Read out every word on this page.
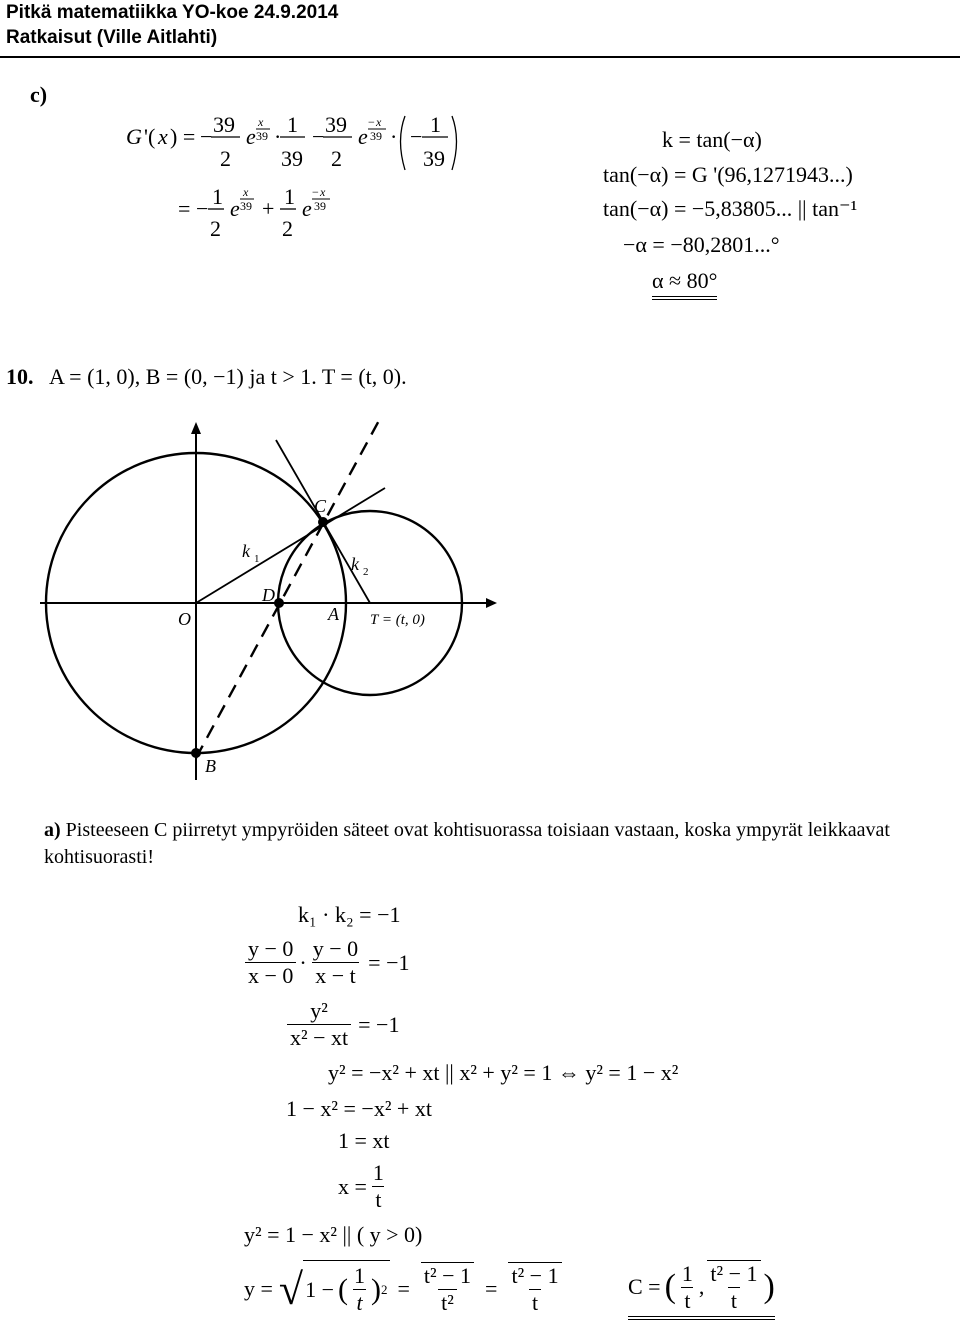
Pitkä matematiikka YO-koe 24.9.2014
Ratkaisut (Ville Aitlahti)
c)
G '( x ) = − 39
2
e
x
39 · 1
39
− 39
2
e
− x
39 · − 1
39
= − 1
2
e
x
39 + 1
2
e
− x
39
k = tan(−α)
tan(−α) = G '(96,1271943...)
tan(−α) = −5,83805... || tan⁻¹
−α = −80,2801...°
α ≈ 80°
10. A = (1, 0), B = (0, −1) ja t > 1. T = (t, 0).
O	A
B
C
D
k 1	k 2
T = (t, 0)
a) Pisteeseen C piirretyt ympyröiden säteet ovat kohtisuorassa toisiaan vastaan, koska ympyrät leikkaavat kohtisuorasti!
k₁ · k₂ = −1
$\frac{y - 0}{x - 0} \cdot \frac{y - 0}{x - t} = -1$
$\frac{\text{y²}}{\text{x² − xt}} = -1$
y² = −x² + xt || x² + y² = 1 ⇔ y² = 1 − x²
1 − x² = −x² + xt
1 = xt
$x = \frac{1}{t}$
y² = 1 − x² || ( y > 0)
y = √ 1 − ( $\frac{1}{t}$ ) $2 = \frac{\text{t² − 1}}{\text{t²}} = \frac{\text{t² − 1}}{t}$	C = ( $\frac{1}{t}$ , $\frac{\text{t² − 1}}{t}$ )
